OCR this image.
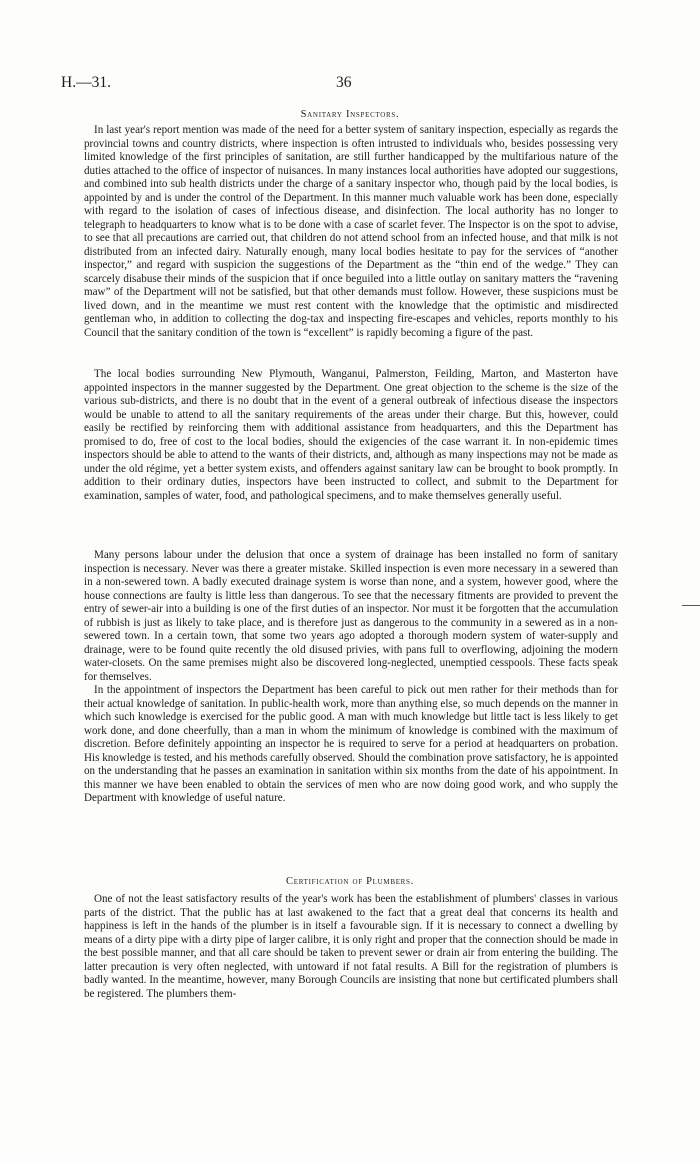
H.—31.	36
Sanitary Inspectors.

In last year's report mention was made of the need for a better system of sanitary inspection, especially as regards the provincial towns and country districts, where inspection is often intrusted to individuals who, besides possessing very limited knowledge of the first principles of sanitation, are still further handicapped by the multifarious nature of the duties attached to the office of inspector of nuisances. In many instances local authorities have adopted our suggestions, and combined into sub health districts under the charge of a sanitary inspector who, though paid by the local bodies, is appointed by and is under the control of the Department. In this manner much valuable work has been done, especially with regard to the isolation of cases of infectious disease, and disinfection. The local authority has no longer to telegraph to headquarters to know what is to be done with a case of scarlet fever. The Inspector is on the spot to advise, to see that all precautions are carried out, that children do not attend school from an infected house, and that milk is not distributed from an infected dairy. Naturally enough, many local bodies hesitate to pay for the services of “another inspector,” and regard with suspicion the suggestions of the Department as the “thin end of the wedge.” They can scarcely disabuse their minds of the suspicion that if once beguiled into a little outlay on sanitary matters the “ravening maw” of the Department will not be satisfied, but that other demands must follow. However, these suspicions must be lived down, and in the meantime we must rest content with the knowledge that the optimistic and misdirected gentleman who, in addition to collecting the dog-tax and inspecting fire-escapes and vehicles, reports monthly to his Council that the sanitary condition of the town is “excellent” is rapidly becoming a figure of the past.

The local bodies surrounding New Plymouth, Wanganui, Palmerston, Feilding, Marton, and Masterton have appointed inspectors in the manner suggested by the Department. One great objection to the scheme is the size of the various sub-districts, and there is no doubt that in the event of a general outbreak of infectious disease the inspectors would be unable to attend to all the sanitary requirements of the areas under their charge. But this, however, could easily be rectified by reinforcing them with additional assistance from headquarters, and this the Department has promised to do, free of cost to the local bodies, should the exigencies of the case warrant it. In non-epidemic times inspectors should be able to attend to the wants of their districts, and, although as many inspections may not be made as under the old régime, yet a better system exists, and offenders against sanitary law can be brought to book promptly. In addition to their ordinary duties, inspectors have been instructed to collect, and submit to the Department for examination, samples of water, food, and pathological specimens, and to make themselves generally useful.

Many persons labour under the delusion that once a system of drainage has been installed no form of sanitary inspection is necessary. Never was there a greater mistake. Skilled inspection is even more necessary in a sewered than in a non-sewered town. A badly executed drainage system is worse than none, and a system, however good, where the house connections are faulty is little less than dangerous. To see that the necessary fitments are provided to prevent the entry of sewer-air into a building is one of the first duties of an inspector. Nor must it be forgotten that the accumulation of rubbish is just as likely to take place, and is therefore just as dangerous to the community in a sewered as in a non-sewered town. In a certain town, that some two years ago adopted a thorough modern system of water-supply and drainage, were to be found quite recently the old disused privies, with pans full to overflowing, adjoining the modern water-closets. On the same premises might also be discovered long-neglected, unemptied cesspools. These facts speak for themselves.

In the appointment of inspectors the Department has been careful to pick out men rather for their methods than for their actual knowledge of sanitation. In public-health work, more than anything else, so much depends on the manner in which such knowledge is exercised for the public good. A man with much knowledge but little tact is less likely to get work done, and done cheerfully, than a man in whom the minimum of knowledge is combined with the maximum of discretion. Before definitely appointing an inspector he is required to serve for a period at headquarters on probation. His knowledge is tested, and his methods carefully observed. Should the combination prove satisfactory, he is appointed on the understanding that he passes an examination in sanitation within six months from the date of his appointment. In this manner we have been enabled to obtain the services of men who are now doing good work, and who supply the Department with knowledge of useful nature.

Certification of Plumbers.

One of not the least satisfactory results of the year's work has been the establishment of plumbers' classes in various parts of the district. That the public has at last awakened to the fact that a great deal that concerns its health and happiness is left in the hands of the plumber is in itself a favourable sign. If it is necessary to connect a dwelling by means of a dirty pipe with a dirty pipe of larger calibre, it is only right and proper that the connection should be made in the best possible manner, and that all care should be taken to prevent sewer or drain air from entering the building. The latter precaution is very often neglected, with untoward if not fatal results. A Bill for the registration of plumbers is badly wanted. In the meantime, however, many Borough Councils are insisting that none but certificated plumbers shall be registered. The plumbers them-

―
